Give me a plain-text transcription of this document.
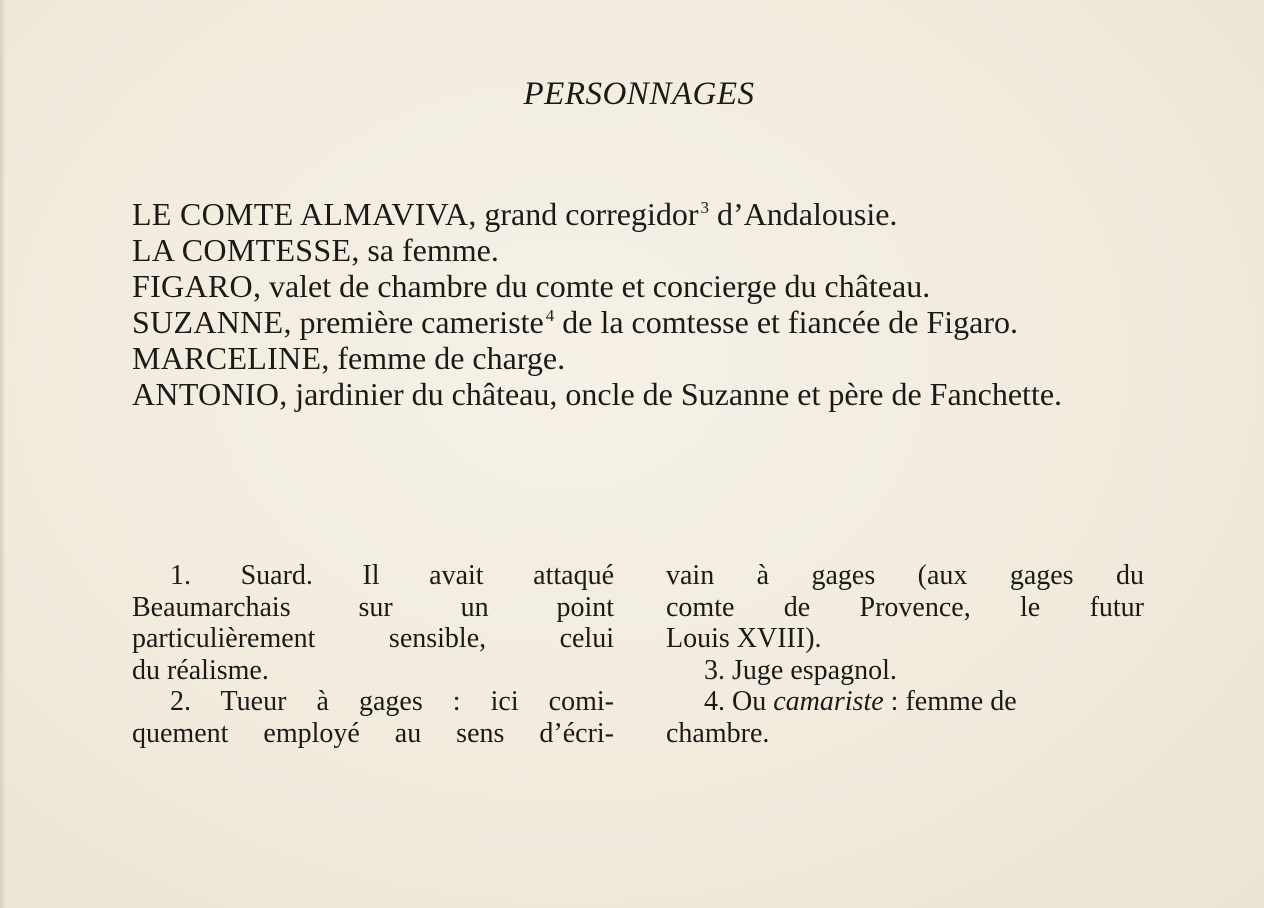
PERSONNAGES
LE COMTE ALMAVIVA, grand corregidor $^3$ d’Andalousie.
LA COMTESSE, sa femme.
FIGARO, valet de chambre du comte et concierge du château.
SUZANNE, première cameriste $^4$ de la comtesse et fiancée de Figaro.
MARCELINE, femme de charge.
ANTONIO, jardinier du château, oncle de Suzanne et père de Fanchette.
1. Suard. Il avait attaqué
Beaumarchais sur un point
particulièrement sensible, celui
du réalisme.
2. Tueur à gages : ici comi-
quement employé au sens d’écri-
vain à gages (aux gages du
comte de Provence, le futur
Louis XVIII).
3. Juge espagnol.
4. Ou camariste : femme de
chambre.
